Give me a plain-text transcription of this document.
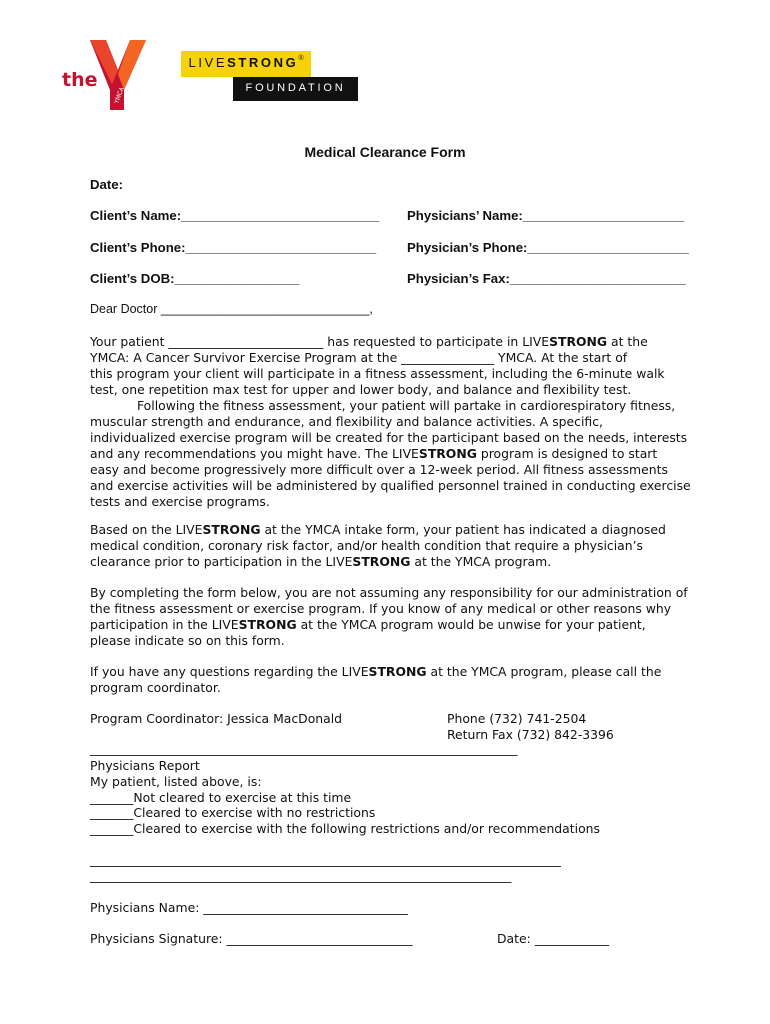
the
YMCA
LIVESTRONG®
FOUNDATION
Medical Clearance Form
Date:
Client’s Name:___________________________ Physicians’ Name:______________________
Client’s Phone:__________________________ Physician’s Phone:______________________
Client’s DOB:_________________	Physician’s Fax:________________________
Dear Doctor ______________________________,
Your patient _________________________ has requested to participate in LIVESTRONG at the
YMCA: A Cancer Survivor Exercise Program at the _______________ YMCA. At the start of
this program your client will participate in a fitness assessment, including the 6-minute walk
test, one repetition max test for upper and lower body, and balance and flexibility test.
Following the fitness assessment, your patient will partake in cardiorespiratory fitness,
muscular strength and endurance, and flexibility and balance activities. A specific,
individualized exercise program will be created for the participant based on the needs, interests
and any recommendations you might have. The LIVESTRONG program is designed to start
easy and become progressively more difficult over a 12-week period. All fitness assessments
and exercise activities will be administered by qualified personnel trained in conducting exercise
tests and exercise programs.
Based on the LIVESTRONG at the YMCA intake form, your patient has indicated a diagnosed
medical condition, coronary risk factor, and/or health condition that require a physician’s
clearance prior to participation in the LIVESTRONG at the YMCA program.
By completing the form below, you are not assuming any responsibility for our administration of
the fitness assessment or exercise program. If you know of any medical or other reasons why
participation in the LIVESTRONG at the YMCA program would be unwise for your patient,
please indicate so on this form.
If you have any questions regarding the LIVESTRONG at the YMCA program, please call the
program coordinator.
Program Coordinator: Jessica MacDonald	Phone (732) 741-2504
Return Fax (732) 842-3396
_____________________________________________________________________
Physicians Report
My patient, listed above, is:
_______Not cleared to exercise at this time
_______Cleared to exercise with no restrictions
_______Cleared to exercise with the following restrictions and/or recommendations
____________________________________________________________________________
____________________________________________________________________
Physicians Name: _________________________________
Physicians Signature: ______________________________	Date: ____________
